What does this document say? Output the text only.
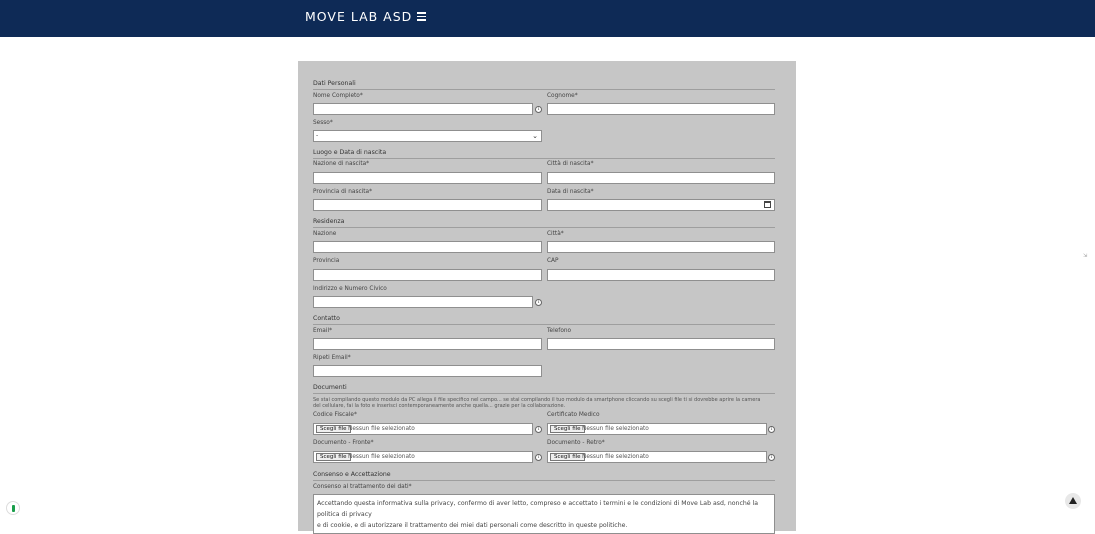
MOVE LAB ASD
⇲
Dati Personali
Nome Completo*	Cognome*
i
Sesso*
-	⌄
Luogo e Data di nascita
Nazione di nascita*	Città di nascita*
Provincia di nascita*	Data di nascita*
Residenza
Nazione	Città*
Provincia	CAP
Indirizzo e Numero Civico
i
Contatto
Email*	Telefono
Ripeti Email*
Documenti
Se stai compilando questo modulo da PC allega il file specifico nel campo... se stai compilando il tuo modulo da smartphone cliccando su scegli file ti si dovrebbe aprire la camera
del cellulare, fai la foto e inserisci contemporaneamente anche quella... grazie per la collaborazione.
Codice Fiscale*	Certificato Medico
Scegli file Nessun file selezionato	i	Scegli file Nessun file selezionato	i
Documento - Fronte*	Documento - Retro*
Scegli file Nessun file selezionato	i	Scegli file Nessun file selezionato	i
Consenso e Accettazione
Consenso al trattamento dei dati*
Accettando questa informativa sulla privacy, confermo di aver letto, compreso e accettato i termini e le condizioni di Move Lab asd, nonché la politica di privacy
e di cookie, e di autorizzare il trattamento dei miei dati personali come descritto in queste politiche.
